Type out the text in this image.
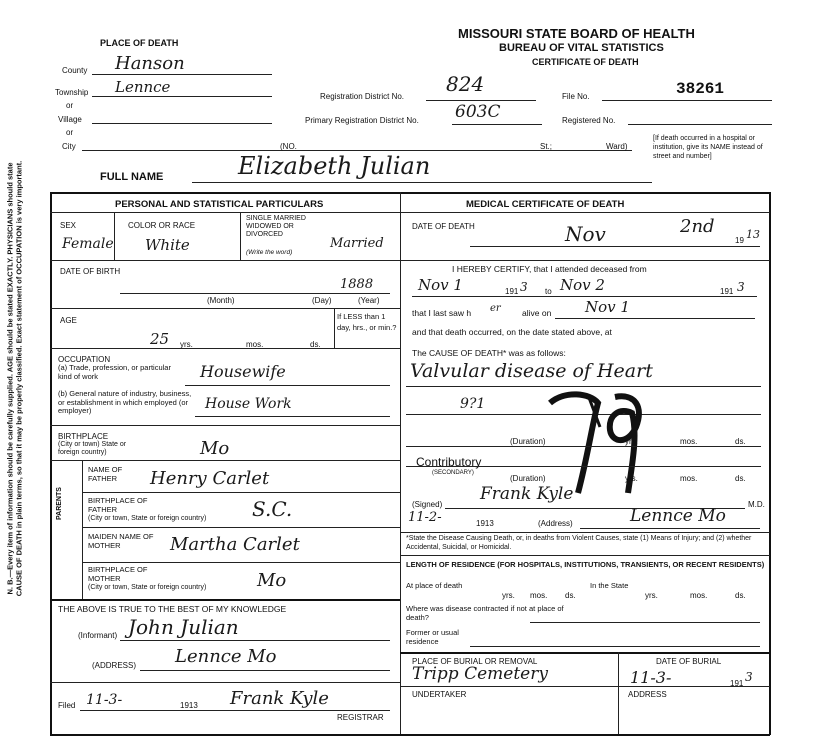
N. B.—Every item of information should be carefully supplied. AGE should be stated EXACTLY. PHYSICIANS should state CAUSE OF DEATH in plain terms, so that it may be properly classified. Exact statement of OCCUPATION is very important.
MISSOURI STATE BOARD OF HEALTH
BUREAU OF VITAL STATISTICS
CERTIFICATE OF DEATH
PLACE OF DEATH
County Hanson
Township Lennce
or
Village
or
City	(NO.	St.;	Ward)
Registration District No.
824
Primary Registration District No. 603C
File No.	38261
Registered No.
[If death occurred in a hospital or institution, give its NAME instead of street and number]
FULL NAME	Elizabeth Julian
PERSONAL AND STATISTICAL PARTICULARS
SEX
Female
COLOR OR RACE
White
SINGLE MARRIED WIDOWED OR DIVORCED
(Write the word)
Married
DATE OF BIRTH
1888
(Month)	(Day)	(Year)
AGE
25 yrs.	mos.	ds.
If LESS than 1 day, hrs., or min.?
OCCUPATION
(a) Trade, profession, or particular kind of work	Housewife
(b) General nature of industry, business, or establishment in which employed (or employer)	House Work
BIRTHPLACE
(City or town) State or foreign country)	Mo
PARENTS
NAME OF FATHER	Henry Carlet
BIRTHPLACE OF FATHER
(City or town, State or foreign country) S.C.
MAIDEN NAME OF MOTHER	Martha Carlet
BIRTHPLACE OF MOTHER
(City or town, State or foreign country)	Mo
THE ABOVE IS TRUE TO THE BEST OF MY KNOWLEDGE
(Informant) John Julian
(ADDRESS) Lennce Mo
Filed 11-3-	1913 Frank Kyle
REGISTRAR
MEDICAL CERTIFICATE OF DEATH
DATE OF DEATH	Nov	2nd
19 13
I HEREBY CERTIFY, that I attended deceased from
Nov 1	191 3 to Nov 2	191 3
that I last saw h er	alive on Nov 1
and that death occurred, on the date stated above, at
The CAUSE OF DEATH* was as follows:
Valvular disease of Heart
9?1
(Duration)	yrs.	mos.	ds.
Contributory
(SECONDARY)
(Duration)	yrs.	mos.	ds.
(Signed)
Frank Kyle
M.D.
11-2-	1913	(Address)	Lennce Mo
*State the Disease Causing Death, or, in deaths from Violent Causes, state (1) Means of Injury; and (2) whether Accidental, Suicidal, or Homicidal.
LENGTH OF RESIDENCE (FOR HOSPITALS, INSTITUTIONS, TRANSIENTS, OR RECENT RESIDENTS)
At place of death
yrs. mos. ds.
In the State
yrs.	mos.	ds.
Where was disease contracted if not at place of death?
Former or usual residence
PLACE OF BURIAL OR REMOVAL	DATE OF BURIAL
Tripp Cemetery	11-3-	191 3
UNDERTAKER	ADDRESS
